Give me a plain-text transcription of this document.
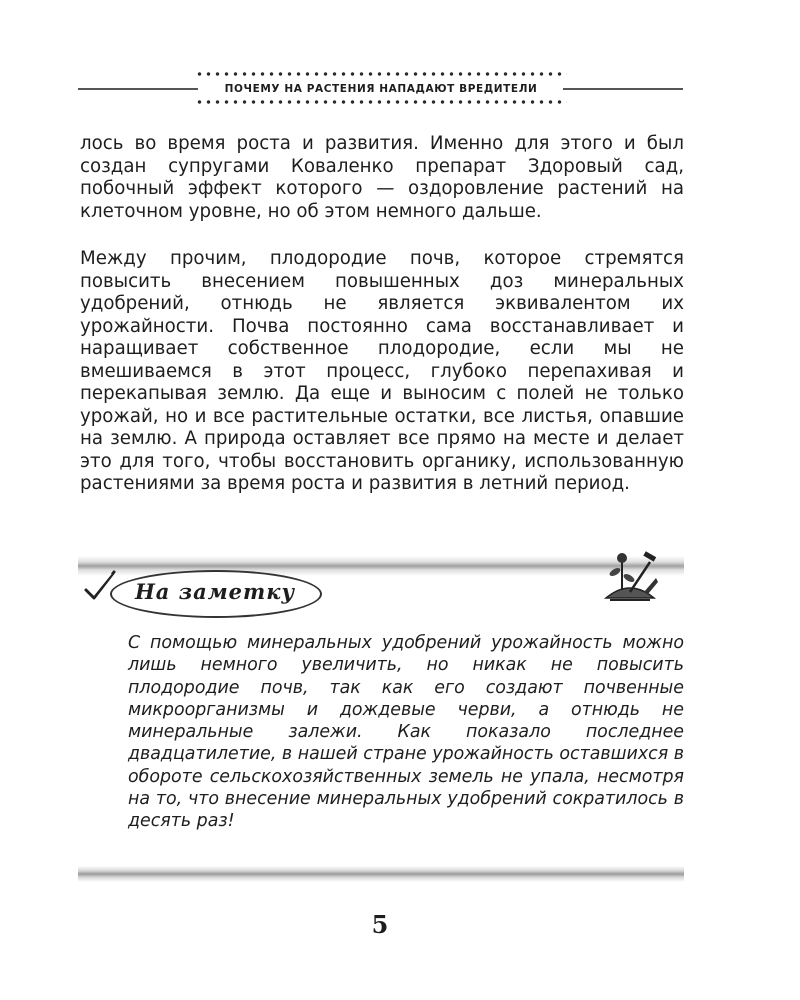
ПОЧЕМУ НА РАСТЕНИЯ НАПАДАЮТ ВРЕДИТЕЛИ

лось во время роста и развития. Именно для этого и был создан супругами Коваленко препарат Здоровый сад, побочный эффект которого — оздоровление растений на клеточном уровне, но об этом немного дальше.

Между прочим, плодородие почв, которое стремятся повысить внесением повышенных доз минеральных удобрений, отнюдь не является эквивалентом их урожайности. Почва постоянно сама восстанавливает и наращивает собственное плодородие, если мы не вмешиваемся в этот процесс, глубоко перепахивая и перекапывая землю. Да еще и выносим с полей не только урожай, но и все растительные остатки, все листья, опавшие на землю. А природа оставляет все прямо на месте и делает это для того, чтобы восстановить органику, использованную растениями за время роста и развития в летний период.

На заметку

С помощью минеральных удобрений урожайность можно лишь немного увеличить, но никак не повысить плодородие почв, так как его создают почвенные микроорганизмы и дождевые черви, а отнюдь не минеральные залежи. Как показало последнее двадцатилетие, в нашей стране урожайность оставшихся в обороте сельскохозяйственных земель не упала, несмотря на то, что внесение минеральных удобрений сократилось в десять раз!

5
